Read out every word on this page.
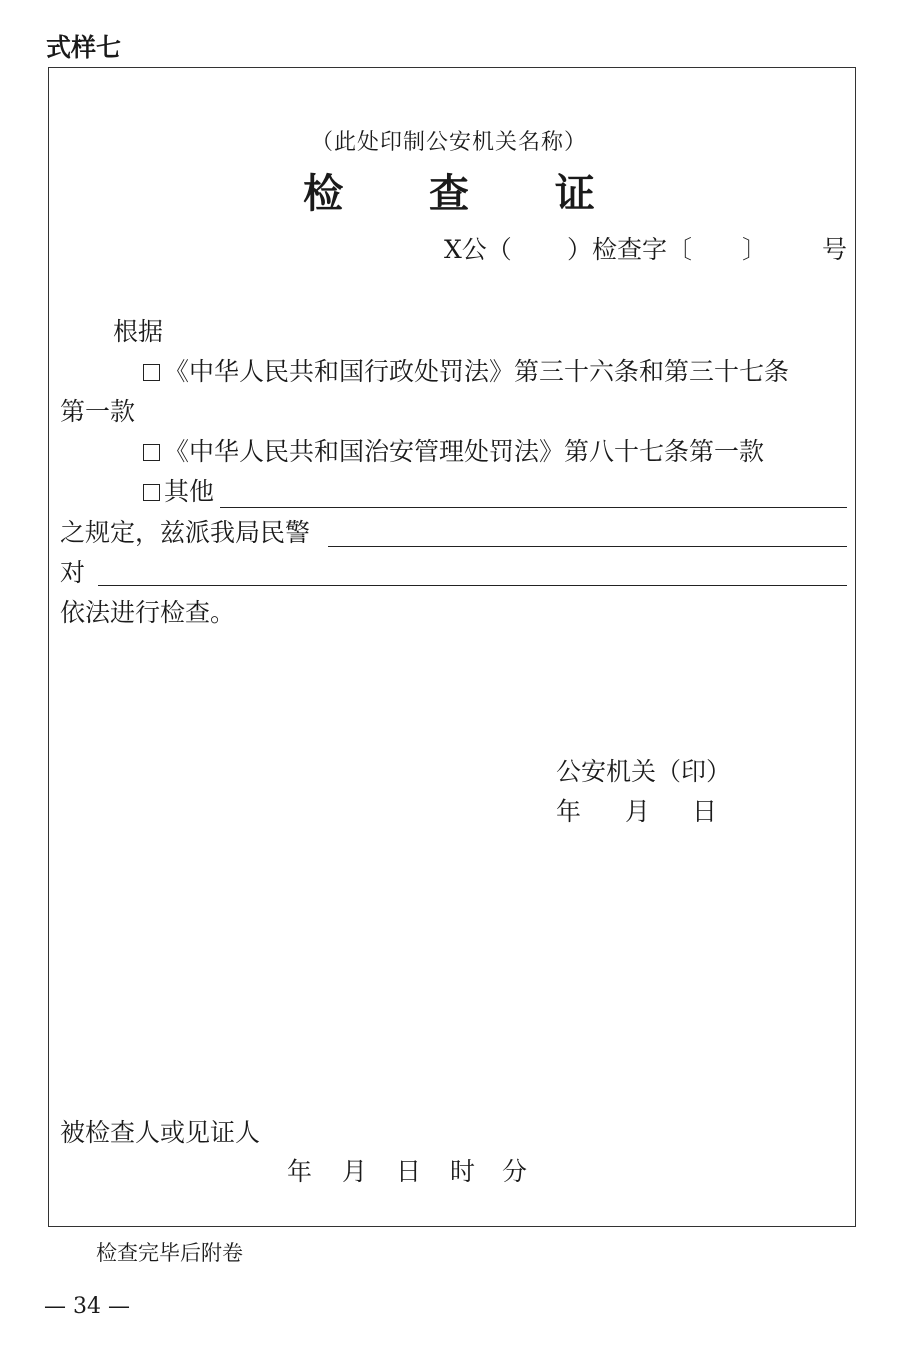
式样七
（此处印制公安机关名称）
检 查 证
X公（ ）检查字〔 〕 号
根据
《中华人民共和国行政处罚法》第三十六条和第三十七条
第一款
《中华人民共和国治安管理处罚法》第八十七条第一款
其他
之规定，兹派我局民警
对
依法进行检查。
公安机关（印）
年 月 日
被检查人或见证人
年 月 日 时 分
检查完毕后附卷
— 34 —
